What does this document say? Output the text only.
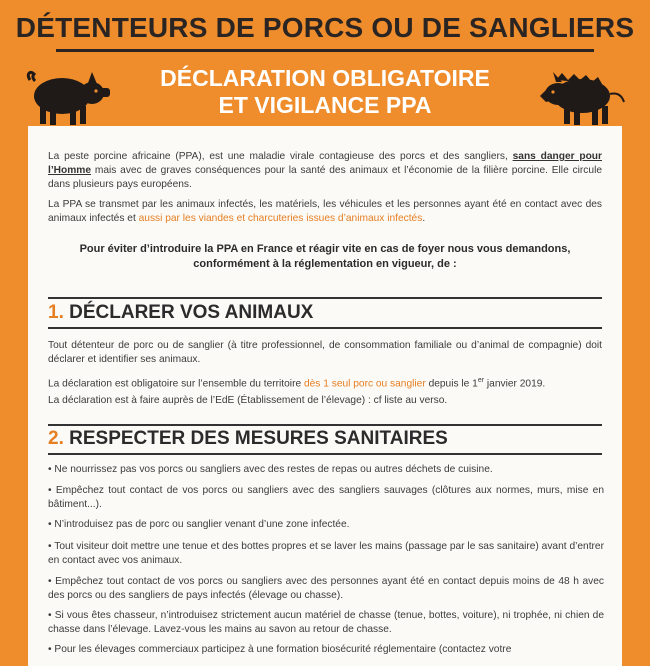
DÉTENTEURS DE PORCS OU DE SANGLIERS
DÉCLARATION OBLIGATOIRE
ET VIGILANCE PPA
La peste porcine africaine (PPA), est une maladie virale contagieuse des porcs et des sangliers, sans danger pour l’Homme mais avec de graves conséquences pour la santé des animaux et l’économie de la filière porcine. Elle circule dans plusieurs pays européens.
La PPA se transmet par les animaux infectés, les matériels, les véhicules et les personnes ayant été en contact avec des animaux infectés et aussi par les viandes et charcuteries issues d’animaux infectés.
Pour éviter d’introduire la PPA en France et réagir vite en cas de foyer nous vous demandons,
conformément à la réglementation en vigueur, de :
1. DÉCLARER VOS ANIMAUX
Tout détenteur de porc ou de sanglier (à titre professionnel, de consommation familiale ou d’animal de compagnie) doit déclarer et identifier ses animaux.
La déclaration est obligatoire sur l’ensemble du territoire dès 1 seul porc ou sanglier depuis le 1er janvier 2019.
La déclaration est à faire auprès de l’EdE (Établissement de l’élevage) : cf liste au verso.
2. RESPECTER DES MESURES SANITAIRES
• Ne nourrissez pas vos porcs ou sangliers avec des restes de repas ou autres déchets de cuisine.
• Empêchez tout contact de vos porcs ou sangliers avec des sangliers sauvages (clôtures aux normes, murs, mise en bâtiment...).
• N’introduisez pas de porc ou sanglier venant d’une zone infectée.
• Tout visiteur doit mettre une tenue et des bottes propres et se laver les mains (passage par le sas sanitaire) avant d’entrer en contact avec vos animaux.
• Empêchez tout contact de vos porcs ou sangliers avec des personnes ayant été en contact depuis moins de 48 h avec des porcs ou des sangliers de pays infectés (élevage ou chasse).
• Si vous êtes chasseur, n’introduisez strictement aucun matériel de chasse (tenue, bottes, voiture), ni trophée, ni chien de chasse dans l’élevage. Lavez-vous les mains au savon au retour de chasse.
• Pour les élevages commerciaux participez à une formation biosécurité réglementaire (contactez votre
